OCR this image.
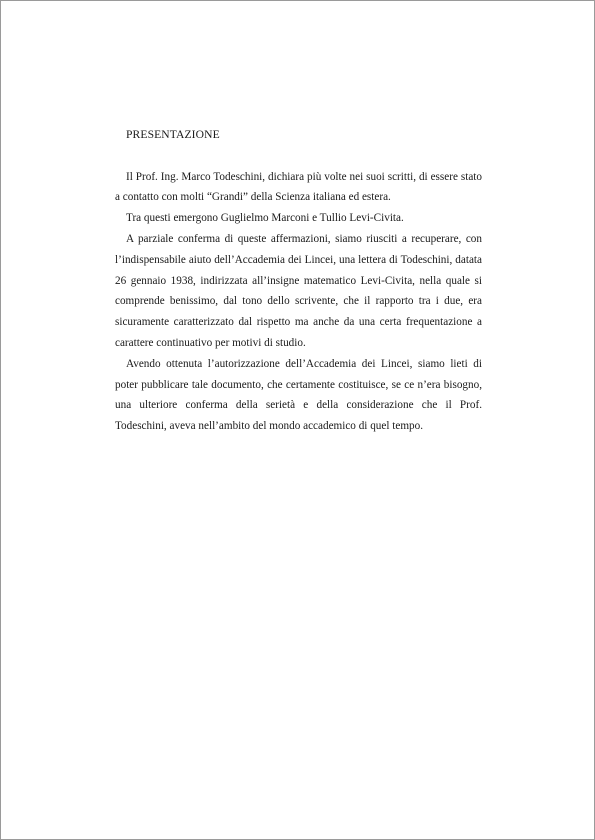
PRESENTAZIONE

Il Prof. Ing. Marco Todeschini, dichiara più volte nei suoi scritti, di essere stato a contatto con molti “Grandi” della Scienza italiana ed estera.

Tra questi emergono Guglielmo Marconi e Tullio Levi-Civita.

A parziale conferma di queste affermazioni, siamo riusciti a recuperare, con l’indispensabile aiuto dell’Accademia dei Lincei, una lettera di Todeschini, datata 26 gennaio 1938, indirizzata all’insigne matematico Levi-Civita, nella quale si comprende benissimo, dal tono dello scrivente, che il rapporto tra i due, era sicuramente caratterizzato dal rispetto ma anche da una certa frequentazione a carattere continuativo per motivi di studio.

Avendo ottenuta l’autorizzazione dell’Accademia dei Lincei, siamo lieti di poter pubblicare tale documento, che certamente costituisce, se ce n’era bisogno, una ulteriore conferma della serietà e della considerazione che il Prof. Todeschini, aveva nell’ambito del mondo accademico di quel tempo.
